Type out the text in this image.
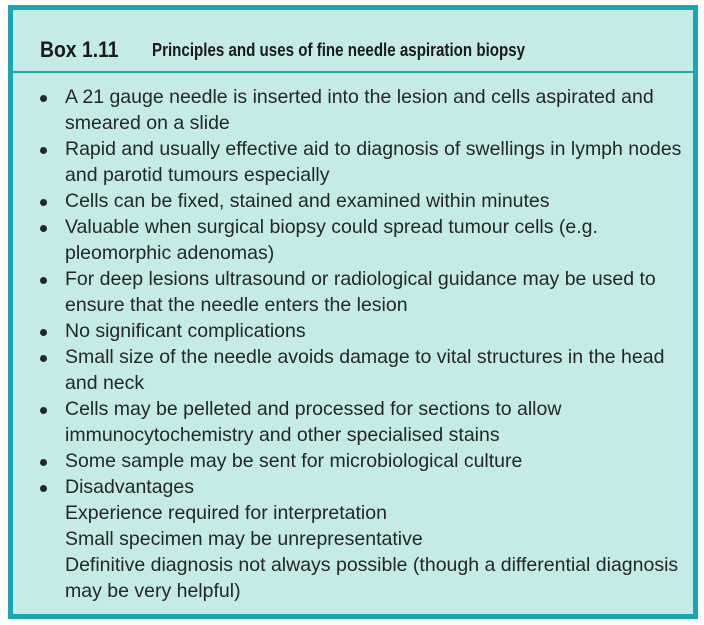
Box 1.11 Principles and uses of fine needle aspiration biopsy
A 21 gauge needle is inserted into the lesion and cells aspirated and smeared on a slide
Rapid and usually effective aid to diagnosis of swellings in lymph nodes and parotid tumours especially
Cells can be fixed, stained and examined within minutes
Valuable when surgical biopsy could spread tumour cells (e.g. pleomorphic adenomas)
For deep lesions ultrasound or radiological guidance may be used to ensure that the needle enters the lesion
No significant complications
Small size of the needle avoids damage to vital structures in the head and neck
Cells may be pelleted and processed for sections to allow immunocytochemistry and other specialised stains
Some sample may be sent for microbiological culture
Disadvantages
Experience required for interpretation
Small specimen may be unrepresentative
Definitive diagnosis not always possible (though a differential diagnosis may be very helpful)
